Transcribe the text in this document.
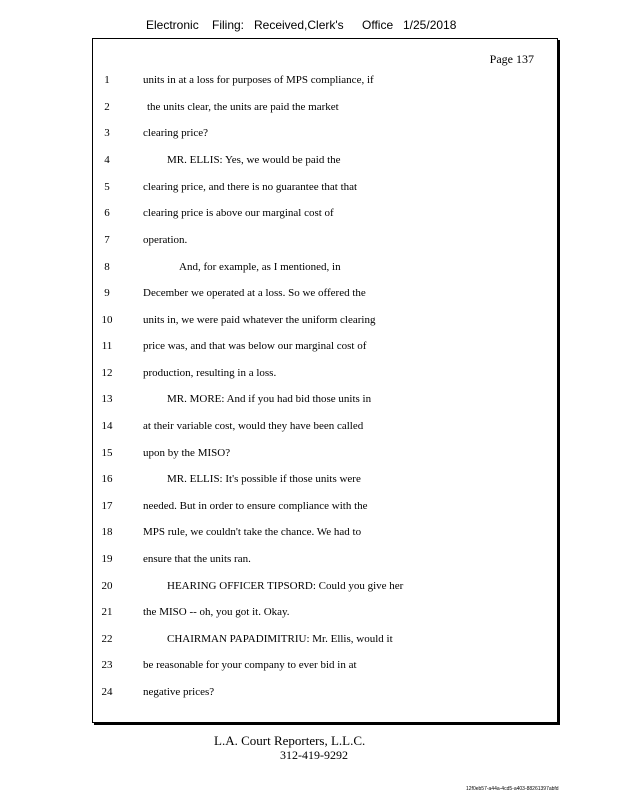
Electronic Filing: Received,Clerk's Office 1/25/2018
Page 137
1	units in at a loss for purposes of MPS compliance, if
2	the units clear, the units are paid the market
3	clearing price?
4	MR. ELLIS: Yes, we would be paid the
5	clearing price, and there is no guarantee that that
6	clearing price is above our marginal cost of
7	operation.
8	And, for example, as I mentioned, in
9	December we operated at a loss. So we offered the
10	units in, we were paid whatever the uniform clearing
11	price was, and that was below our marginal cost of
12	production, resulting in a loss.
13	MR. MORE: And if you had bid those units in
14	at their variable cost, would they have been called
15	upon by the MISO?
16	MR. ELLIS: It's possible if those units were
17	needed. But in order to ensure compliance with the
18	MPS rule, we couldn't take the chance. We had to
19	ensure that the units ran.
20	HEARING OFFICER TIPSORD: Could you give her
21	the MISO -- oh, you got it. Okay.
22	CHAIRMAN PAPADIMITRIU: Mr. Ellis, would it
23	be reasonable for your company to ever bid in at
24	negative prices?
L.A. Court Reporters, L.L.C.
312-419-9292
12f0eb57-a44a-4cd5-a403-88261397abfd
